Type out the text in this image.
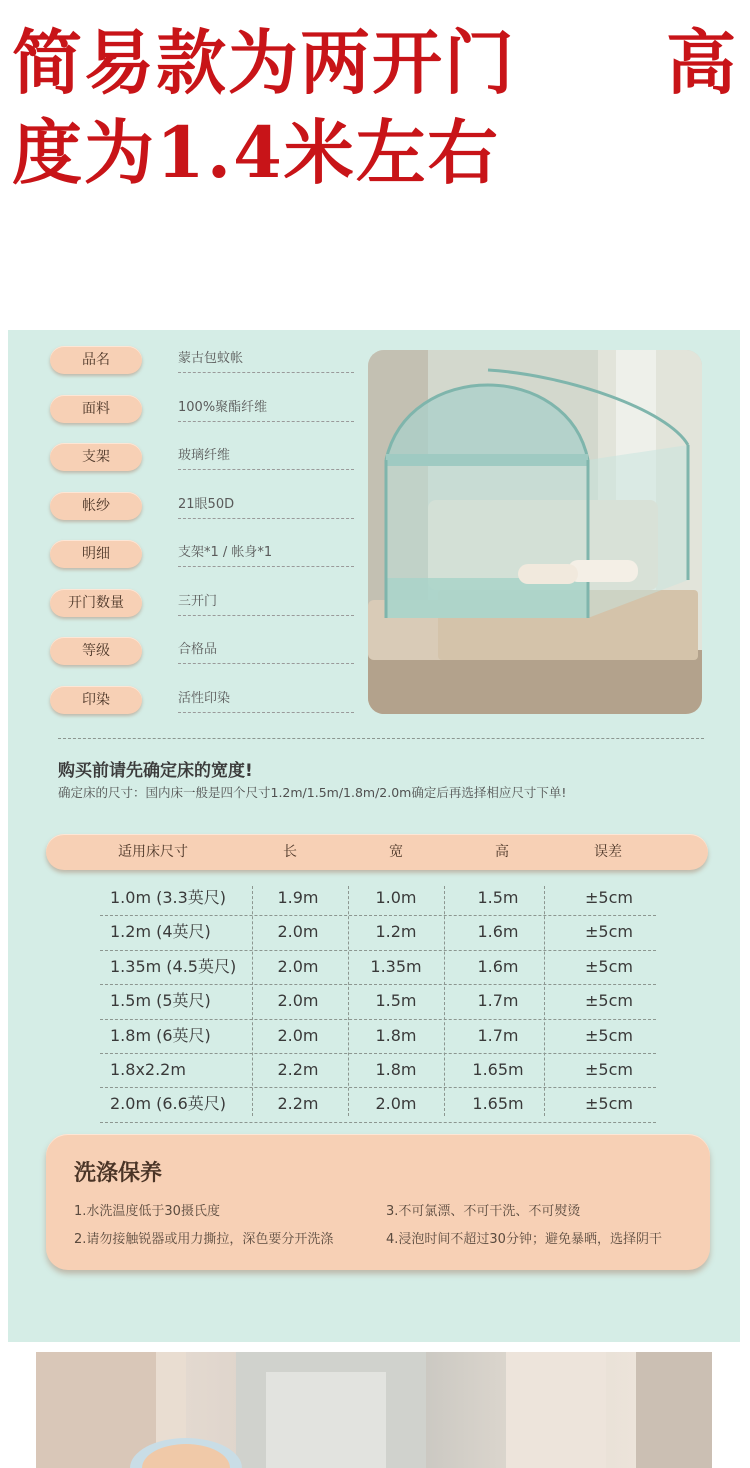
简易款为两开门 高
度为1.4米左右
品名	蒙古包蚊帐
面料	100%聚酯纤维
支架	玻璃纤维
帐纱	21眼50D
明细	支架*1 / 帐身*1
开门数量	三开门
等级	合格品
印染	活性印染
购买前请先确定床的宽度!
确定床的尺寸：国内床一般是四个尺寸1.2m/1.5m/1.8m/2.0m确定后再选择相应尺寸下单!
适用床尺寸	长	宽	高	误差
1.0m (3.3英尺)	1.9m	1.0m	1.5m	±5cm
1.2m (4英尺)	2.0m	1.2m	1.6m	±5cm
1.35m (4.5英尺)	2.0m	1.35m	1.6m	±5cm
1.5m (5英尺)	2.0m	1.5m	1.7m	±5cm
1.8m (6英尺)	2.0m	1.8m	1.7m	±5cm
1.8x2.2m	2.2m	1.8m	1.65m	±5cm
2.0m (6.6英尺)	2.2m	2.0m	1.65m	±5cm
洗涤保养
1.水洗温度低于30摄氏度	3.不可氯漂、不可干洗、不可熨烫
2.请勿接触锐器或用力撕拉，深色要分开洗涤	4.浸泡时间不超过30分钟；避免暴晒，选择阴干
